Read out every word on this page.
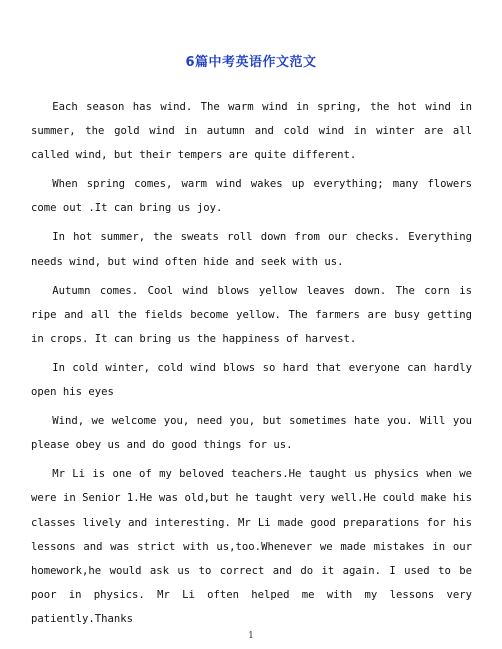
6篇中考英语作文范文

Each season has wind. The warm wind in spring, the hot wind in summer, the gold wind in autumn and cold wind in winter are all called wind, but their tempers are quite different.

When spring comes, warm wind wakes up everything; many flowers come out .It can bring us joy.

In hot summer, the sweats roll down from our checks. Everything needs wind, but wind often hide and seek with us.

Autumn comes. Cool wind blows yellow leaves down. The corn is ripe and all the fields become yellow. The farmers are busy getting in crops. It can bring us the happiness of harvest.

In cold winter, cold wind blows so hard that everyone can hardly open his eyes

Wind, we welcome you, need you, but sometimes hate you. Will you please obey us and do good things for us.

Mr Li is one of my beloved teachers.He taught us physics when we were in Senior 1.He was old,but he taught very well.He could make his classes lively and interesting. Mr Li made good preparations for his lessons and was strict with us,too.Whenever we made mistakes in our homework,he would ask us to correct and do it again. I used to be poor in physics. Mr Li often helped me with my lessons very patiently.Thanks

1
